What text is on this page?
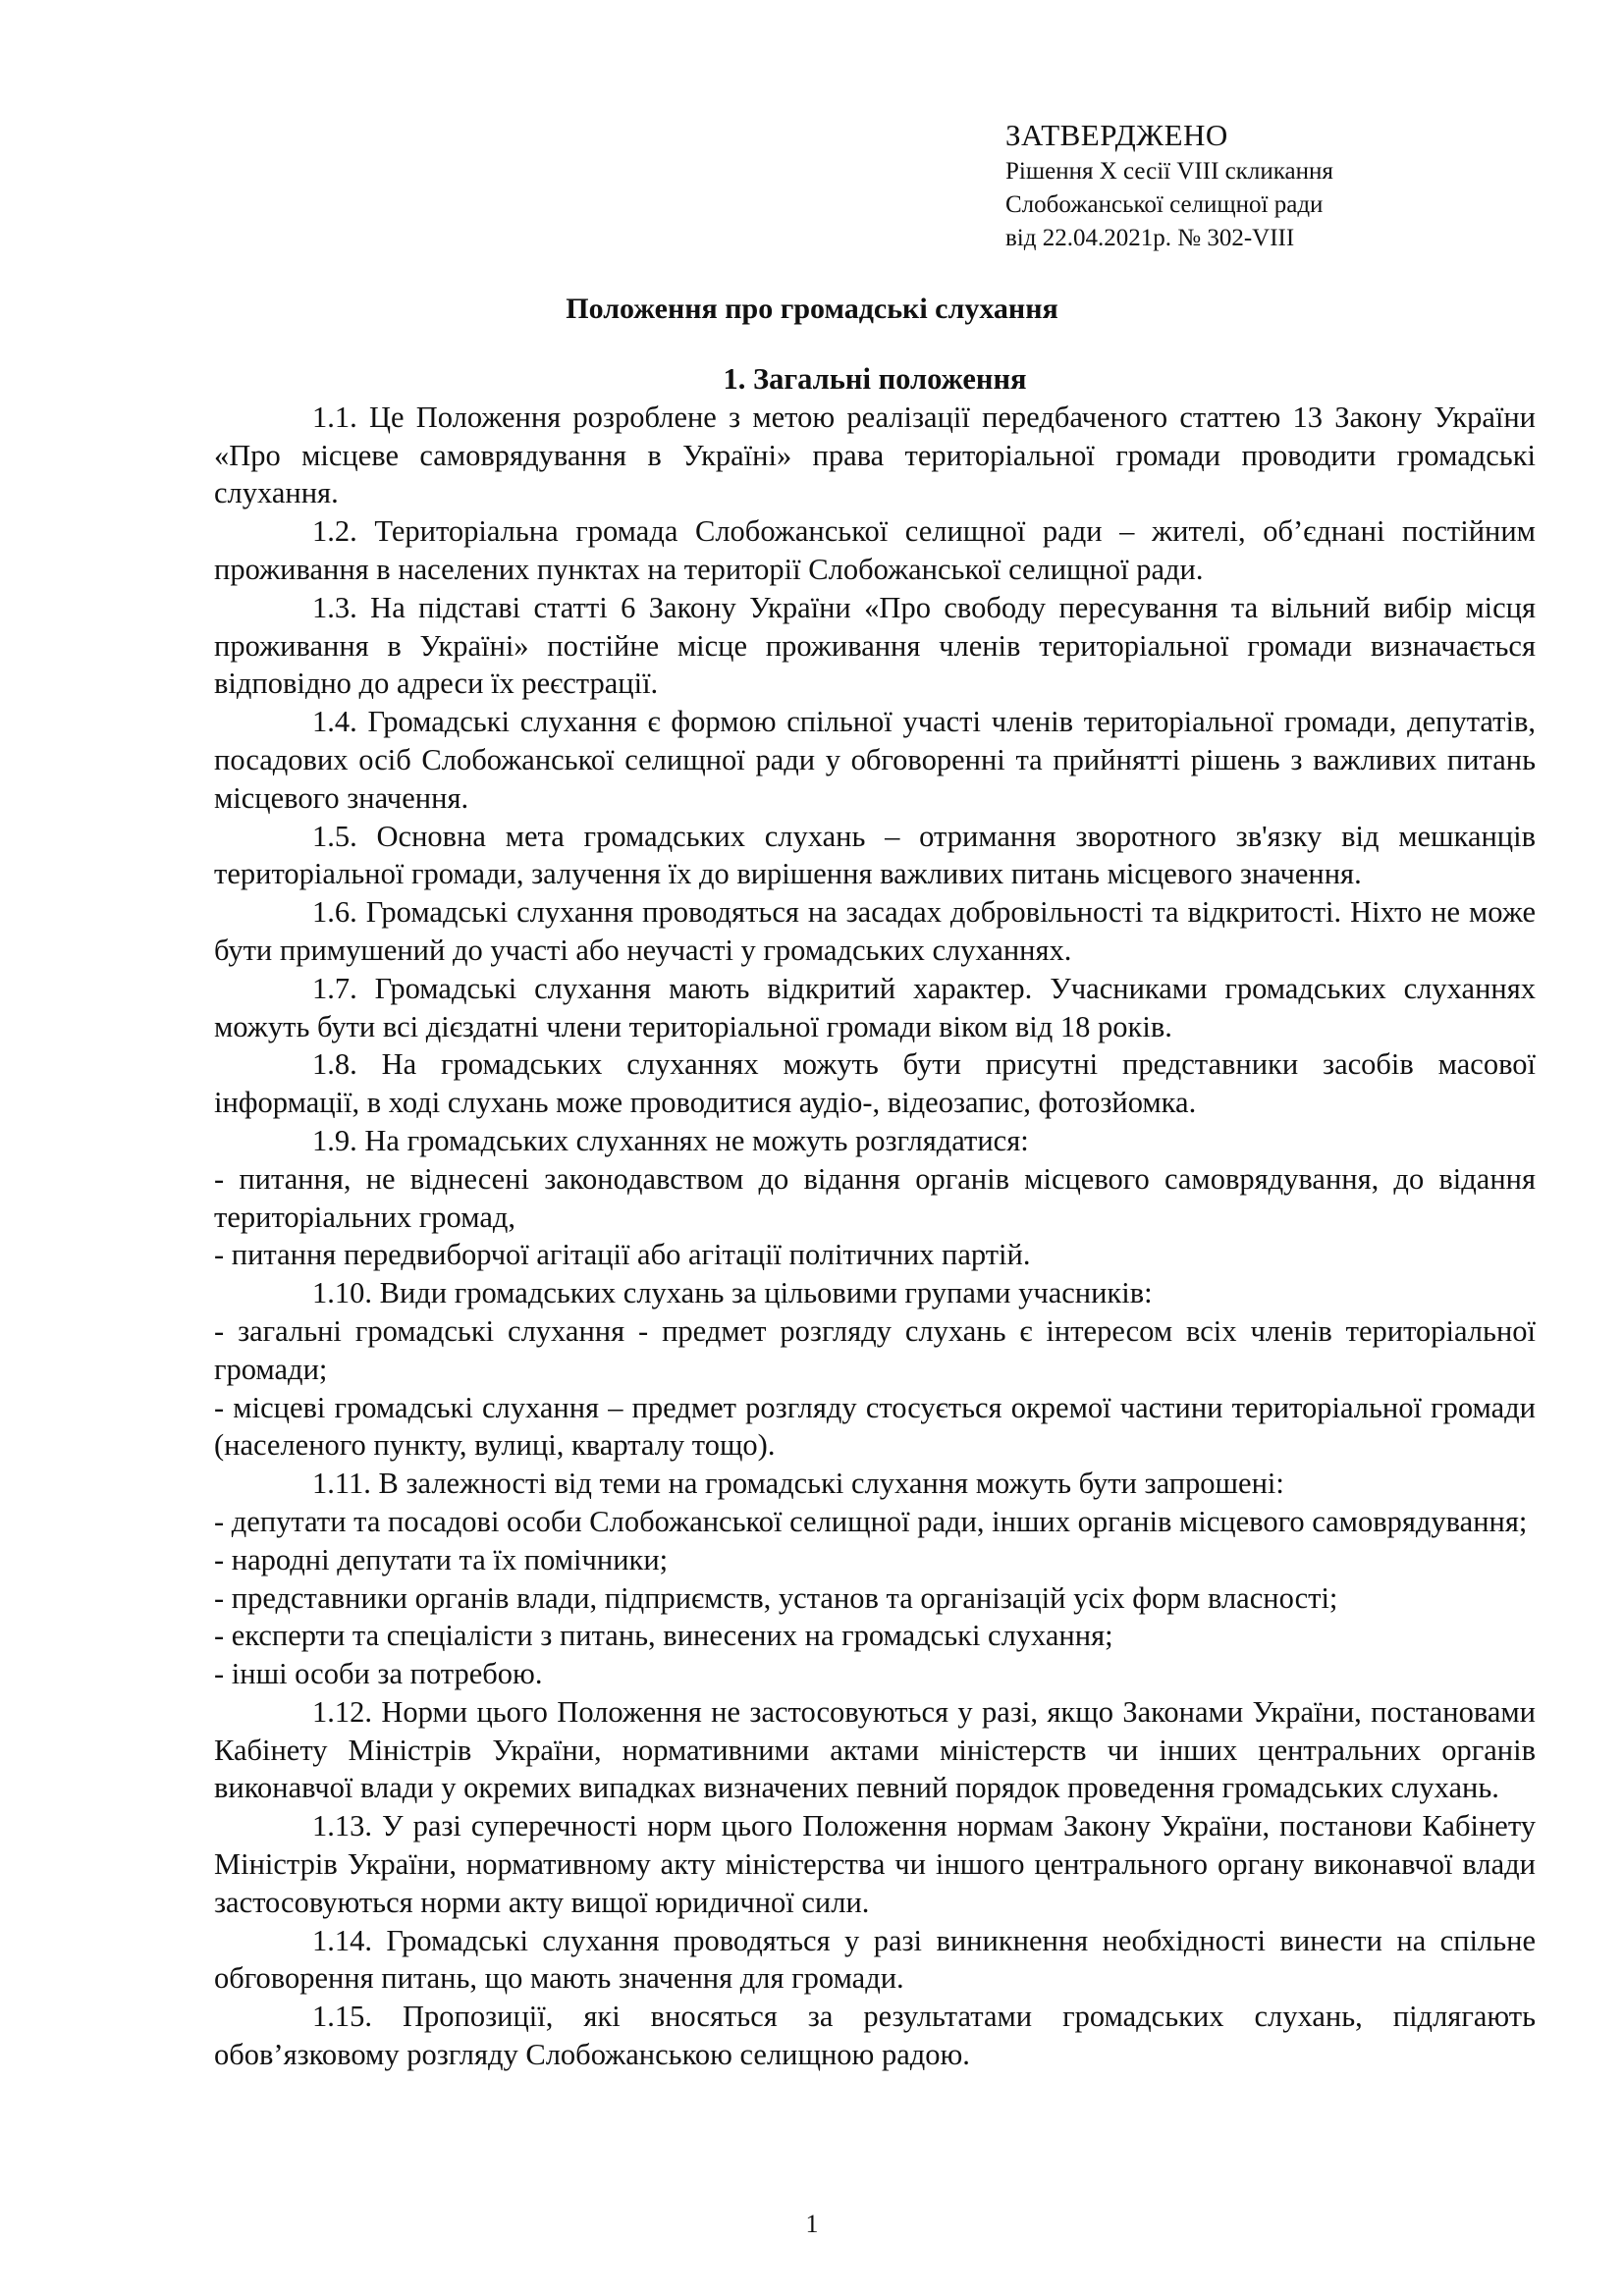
ЗАТВЕРДЖЕНО
Рішення Х сесії VIII скликання
Слобожанської селищної ради
від 22.04.2021р. № 302-VIII
Положення про громадські слухання

1. Загальні положення

1.1. Це Положення розроблене з метою реалізації передбаченого статтею 13 Закону України «Про місцеве самоврядування в Україні» права територіальної громади проводити громадські слухання.

1.2. Територіальна громада Слобожанської селищної ради – жителі, об’єднані постійним проживання в населених пунктах на території Слобожанської селищної ради.

1.3. На підставі статті 6 Закону України «Про свободу пересування та вільний вибір місця проживання в Україні» постійне місце проживання членів територіальної громади визначається відповідно до адреси їх реєстрації.

1.4. Громадські слухання є формою спільної участі членів територіальної громади, депутатів, посадових осіб Слобожанської селищної ради у обговоренні та прийнятті рішень з важливих питань місцевого значення.

1.5. Основна мета громадських слухань – отримання зворотного зв'язку від мешканців територіальної громади, залучення їх до вирішення важливих питань місцевого значення.

1.6. Громадські слухання проводяться на засадах добровільності та відкритості. Ніхто не може бути примушений до участі або неучасті у громадських слуханнях.

1.7. Громадські слухання мають відкритий характер. Учасниками громадських слуханнях можуть бути всі дієздатні члени територіальної громади віком від 18 років.

1.8. На громадських слуханнях можуть бути присутні представники засобів масової інформації, в ході слухань може проводитися аудіо-, відеозапис, фотозйомка.

1.9. На громадських слуханнях не можуть розглядатися:

- питання, не віднесені законодавством до відання органів місцевого самоврядування, до відання територіальних громад,

- питання передвиборчої агітації або агітації політичних партій.

1.10. Види громадських слухань за цільовими групами учасників:

- загальні громадські слухання - предмет розгляду слухань є інтересом всіх членів територіальної громади;

- місцеві громадські слухання – предмет розгляду стосується окремої частини територіальної громади (населеного пункту, вулиці, кварталу тощо).

1.11. В залежності від теми на громадські слухання можуть бути запрошені:

- депутати та посадові особи Слобожанської селищної ради, інших органів місцевого самоврядування;

- народні депутати та їх помічники;

- представники органів влади, підприємств, установ та організацій усіх форм власності;

- експерти та спеціалісти з питань, винесених на громадські слухання;

- інші особи за потребою.

1.12. Норми цього Положення не застосовуються у разі, якщо Законами України, постановами Кабінету Міністрів України, нормативними актами міністерств чи інших центральних органів виконавчої влади у окремих випадках визначених певний порядок проведення громадських слухань.

1.13. У разі суперечності норм цього Положення нормам Закону України, постанови Кабінету Міністрів України, нормативному акту міністерства чи іншого центрального органу виконавчої влади застосовуються норми акту вищої юридичної сили.

1.14. Громадські слухання проводяться у разі виникнення необхідності винести на спільне обговорення питань, що мають значення для громади.

1.15. Пропозиції, які вносяться за результатами громадських слухань, підлягають обов’язковому розгляду Слобожанською селищною радою.

1
